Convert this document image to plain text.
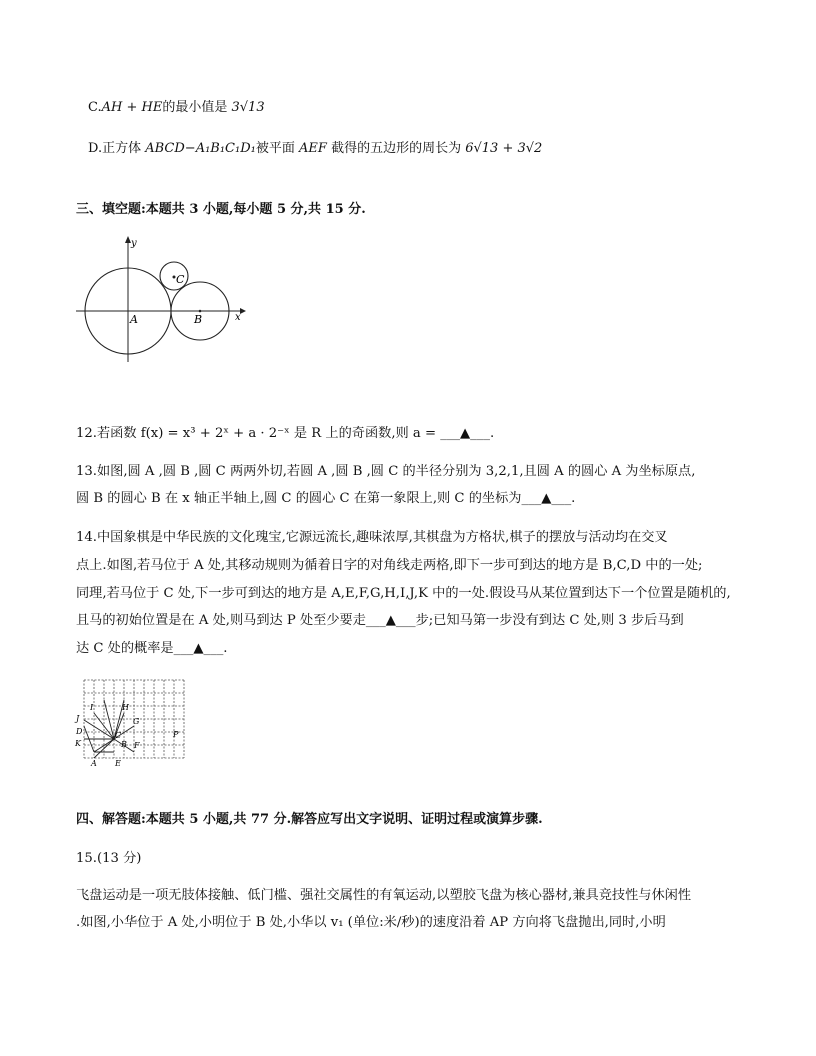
C.AH + HE的最小值是 3√13
D.正方体 ABCD−A₁B₁C₁D₁被平面 AEF 截得的五边形的周长为 6√13 + 3√2
三、填空题:本题共 3 小题,每小题 5 分,共 15 分.
y
x
A	B
C
12.若函数 f(x) = x³ + 2ˣ + a · 2⁻ˣ 是 R 上的奇函数,则 a = ___▲___.
13.如图,圆 A ,圆 B ,圆 C 两两外切,若圆 A ,圆 B ,圆 C 的半径分别为 3,2,1,且圆 A 的圆心 A 为坐标原点,
圆 B 的圆心 B 在 x 轴正半轴上,圆 C 的圆心 C 在第一象限上,则 C 的坐标为___▲___.
14.中国象棋是中华民族的文化瑰宝,它源远流长,趣味浓厚,其棋盘为方格状,棋子的摆放与活动均在交叉
点上.如图,若马位于 A 处,其移动规则为循着日字的对角线走两格,即下一步可到达的地方是 B,C,D 中的一处;
同理,若马位于 C 处,下一步可到达的地方是 A,E,F,G,H,I,J,K 中的一处.假设马从某位置到达下一个位置是随机的,
且马的初始位置是在 A 处,则马到达 P 处至少要走___▲___步;已知马第一步没有到达 C 处,则 3 步后马到
达 C 处的概率是___▲___.
I	H
J	G
D	C
K	B F
P
A E
四、解答题:本题共 5 小题,共 77 分.解答应写出文字说明、证明过程或演算步骤.
15.(13 分)
飞盘运动是一项无肢体接触、低门槛、强社交属性的有氧运动,以塑胶飞盘为核心器材,兼具竞技性与休闲性
.如图,小华位于 A 处,小明位于 B 处,小华以 v₁ (单位:米/秒)的速度沿着 AP 方向将飞盘抛出,同时,小明
